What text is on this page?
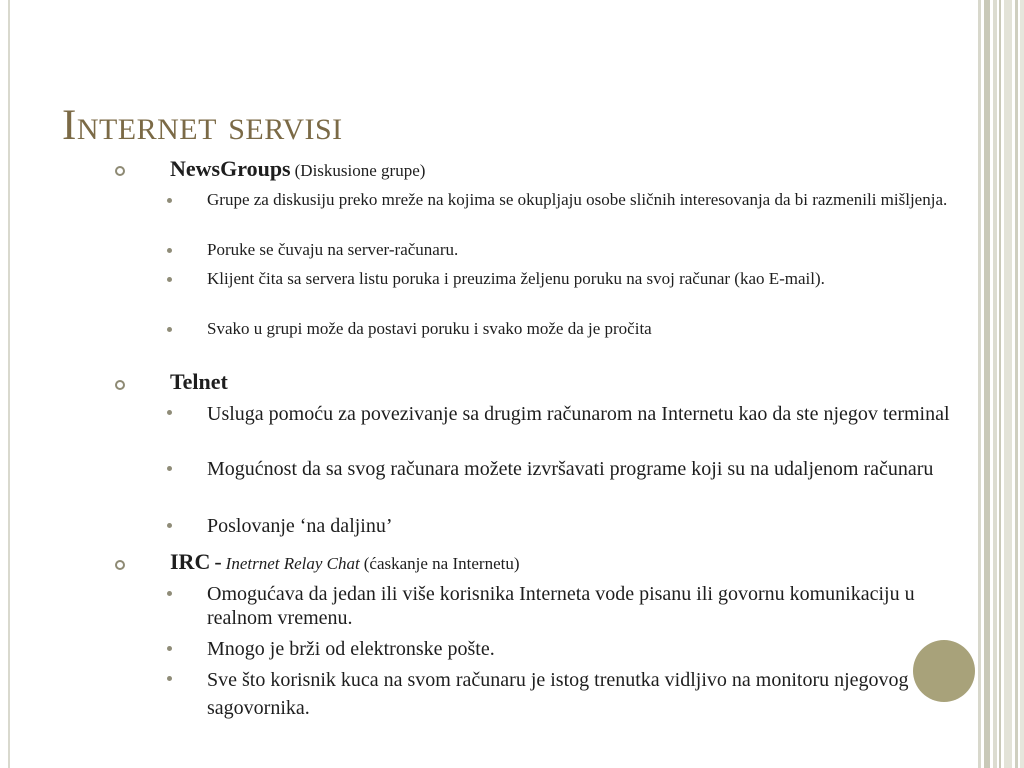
Internet servisi
NewsGroups (Diskusione grupe)
Grupe za diskusiju preko mreže na kojima se okupljaju osobe sličnih interesovanja da bi razmenili mišljenja.
Poruke se čuvaju na server-računaru.
Klijent čita sa servera listu poruka i preuzima željenu poruku na svoj računar (kao E-mail).
Svako u grupi može da postavi poruku i svako može da je pročita
Telnet
Usluga pomoću za povezivanje sa drugim računarom na Internetu kao da ste njegov terminal
Mogućnost da sa svog računara možete izvršavati programe koji su na udaljenom računaru
Poslovanje ‘na daljinu’
IRC - Inetrnet Relay Chat (ćaskanje na Internetu)
Omogućava da jedan ili više korisnika Interneta vode pisanu ili govornu komunikaciju u realnom vremenu.
Mnogo je brži od elektronske pošte.
Sve što korisnik kuca na svom računaru je istog trenutka vidljivo na monitoru njegovog sagovornika.
